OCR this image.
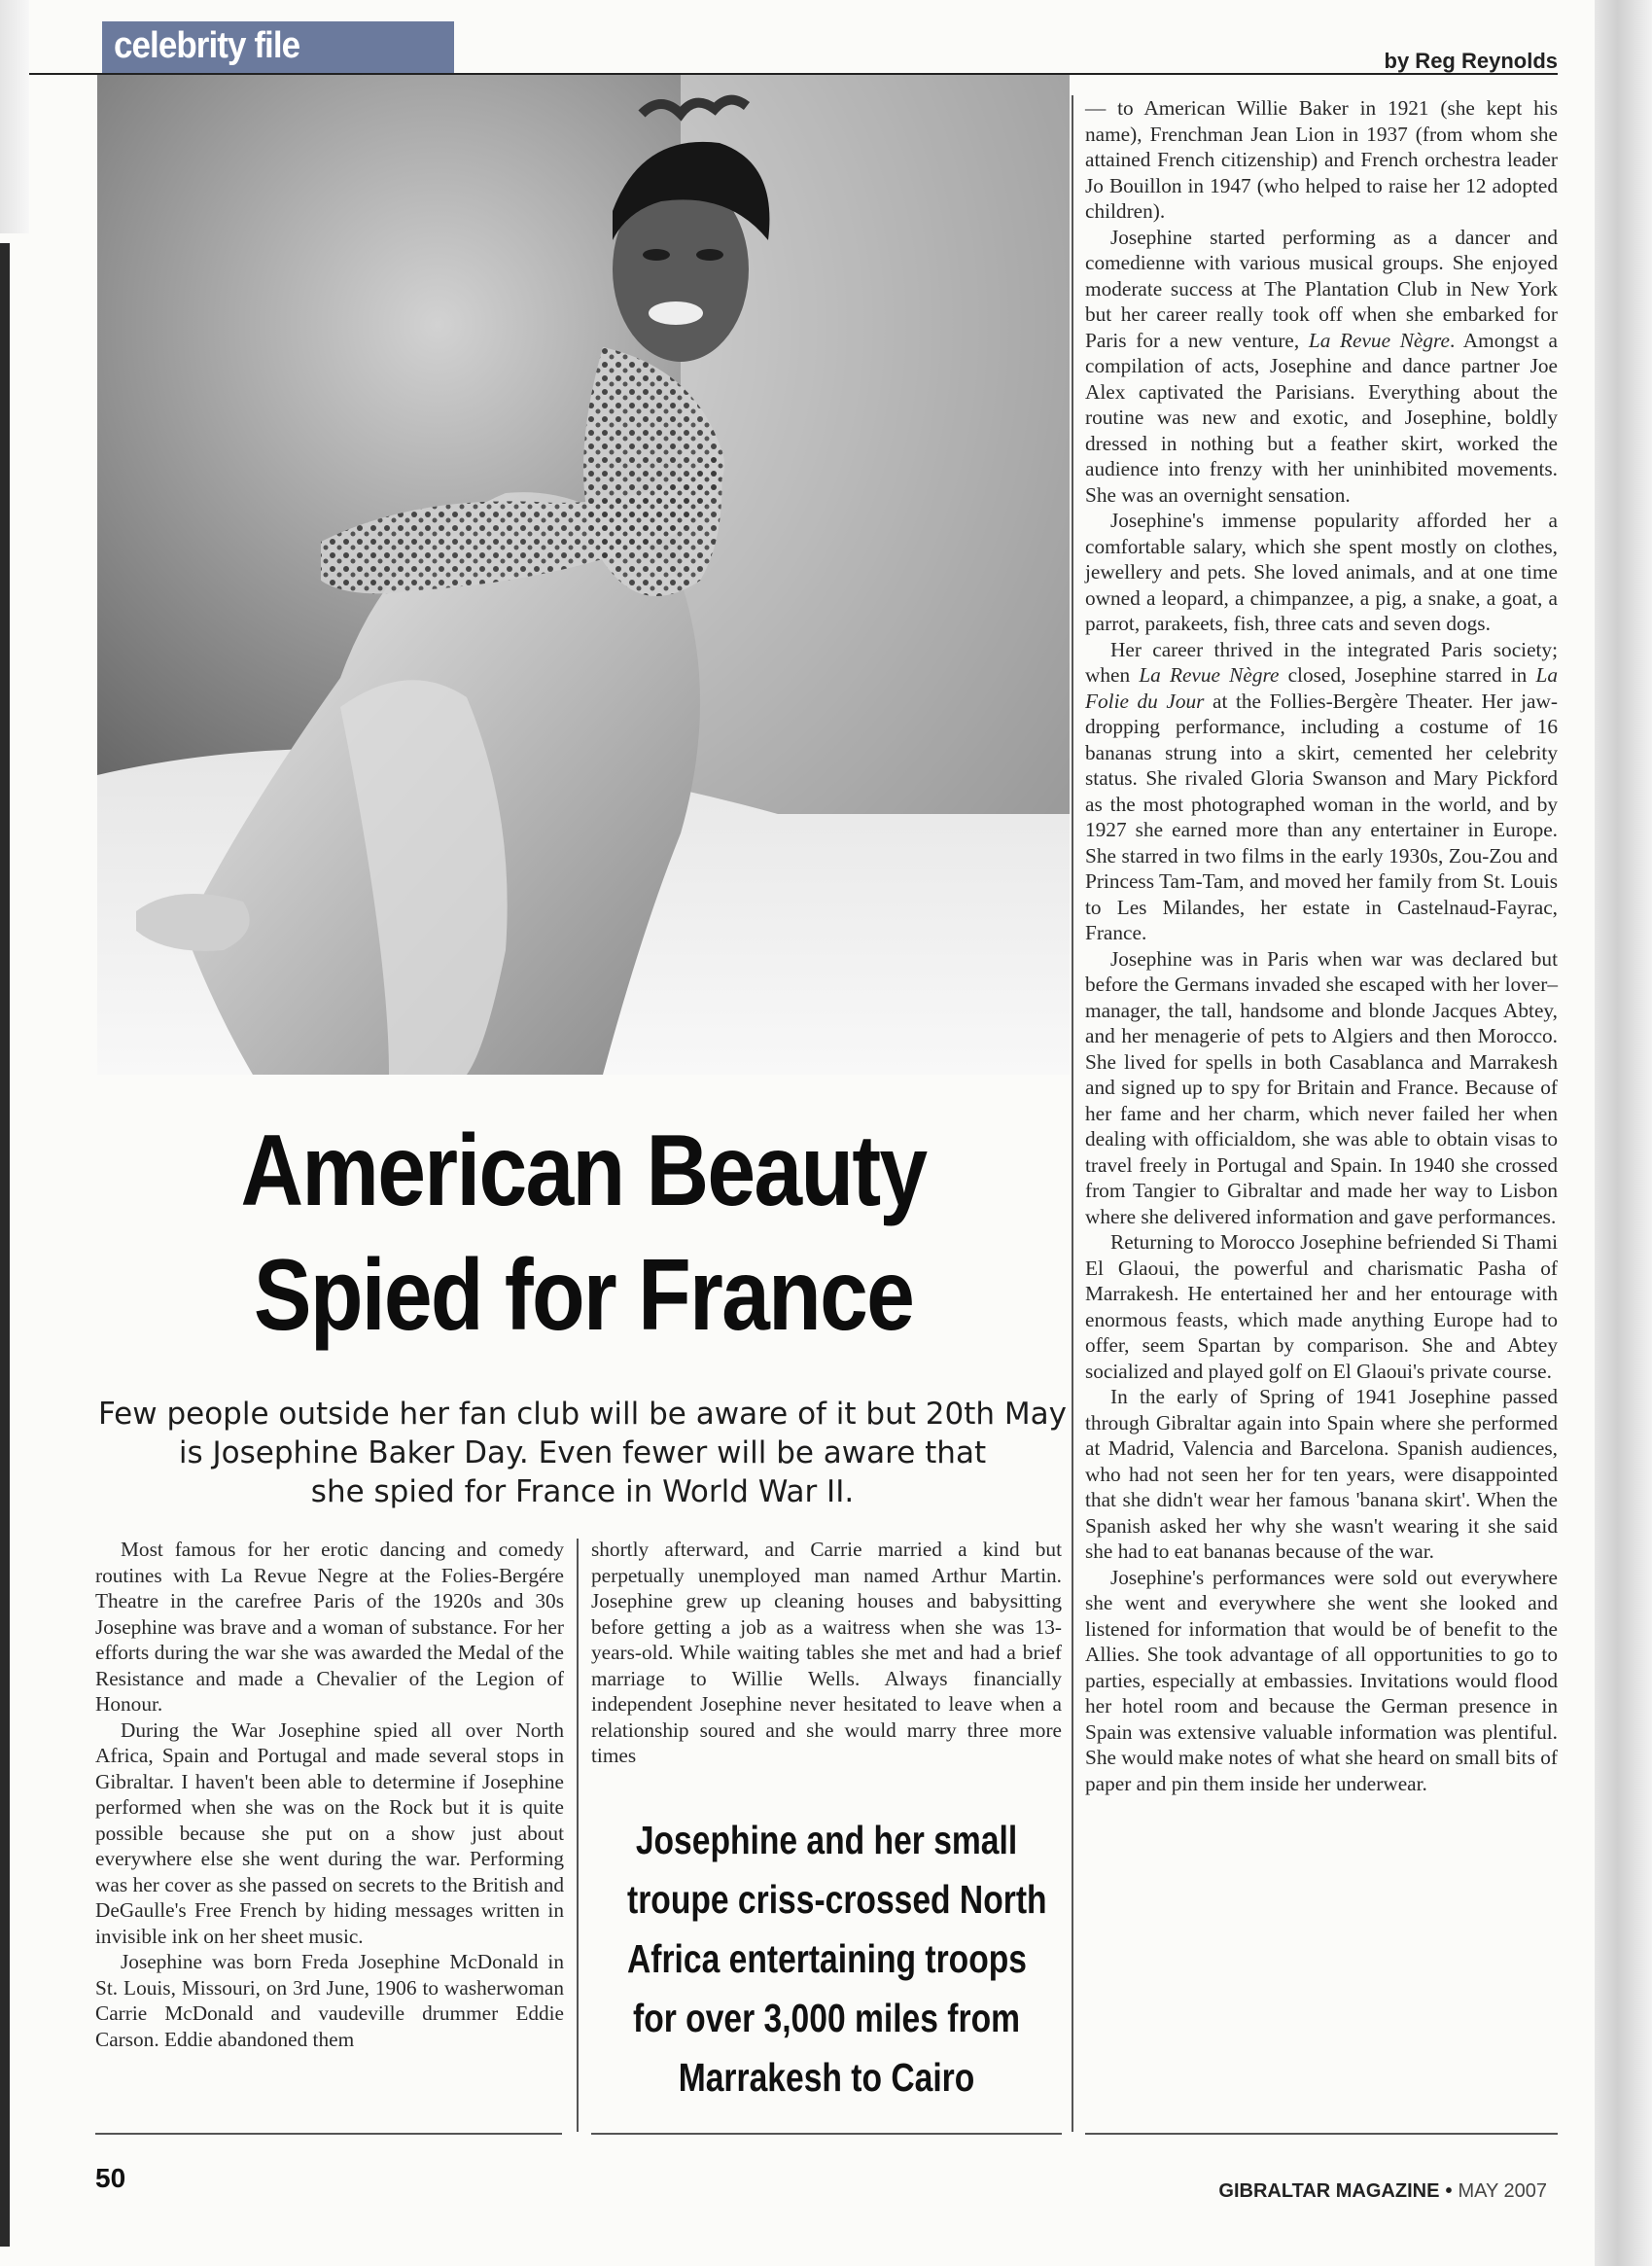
celebrity file	by Reg Reynolds
American Beauty
Spied for France
Few people outside her fan club will be aware of it but 20th May
is Josephine Baker Day. Even fewer will be aware that
she spied for France in World War II.

Most famous for her erotic dancing and comedy routines with La Revue Negre at the Folies-Bergére Theatre in the carefree Paris of the 1920s and 30s Josephine was brave and a woman of substance. For her efforts during the war she was awarded the Medal of the Resistance and made a Chevalier of the Legion of Honour.

During the War Josephine spied all over North Africa, Spain and Portugal and made several stops in Gibraltar. I haven't been able to determine if Josephine performed when she was on the Rock but it is quite possible because she put on a show just about everywhere else she went during the war. Performing was her cover as she passed on secrets to the British and DeGaulle's Free French by hiding messages written in invisible ink on her sheet music.

Josephine was born Freda Josephine McDonald in St. Louis, Missouri, on 3rd June, 1906 to washerwoman Carrie McDonald and vaudeville drummer Eddie Carson. Eddie abandoned them

shortly afterward, and Carrie married a kind but perpetually unemployed man named Arthur Martin. Josephine grew up cleaning houses and babysitting before getting a job as a waitress when she was 13-years-old. While waiting tables she met and had a brief marriage to Willie Wells. Always financially independent Josephine never hesitated to leave when a relationship soured and she would marry three more times

Josephine and her small
troupe criss-crossed North
Africa entertaining troops
for over 3,000 miles from
Marrakesh to Cairo

— to American Willie Baker in 1921 (she kept his name), Frenchman Jean Lion in 1937 (from whom she attained French citizenship) and French orchestra leader Jo Bouillon in 1947 (who helped to raise her 12 adopted children).

Josephine started performing as a dancer and comedienne with various musical groups. She enjoyed moderate success at The Plantation Club in New York but her career really took off when she embarked for Paris for a new venture, La Revue Nègre. Amongst a compilation of acts, Josephine and dance partner Joe Alex captivated the Parisians. Everything about the routine was new and exotic, and Josephine, boldly dressed in nothing but a feather skirt, worked the audience into frenzy with her uninhibited movements. She was an overnight sensation.

Josephine's immense popularity afforded her a comfortable salary, which she spent mostly on clothes, jewellery and pets. She loved animals, and at one time owned a leopard, a chimpanzee, a pig, a snake, a goat, a parrot, parakeets, fish, three cats and seven dogs.

Her career thrived in the integrated Paris society; when La Revue Nègre closed, Josephine starred in La Folie du Jour at the Follies-Bergère Theater. Her jaw-dropping performance, including a costume of 16 bananas strung into a skirt, cemented her celebrity status. She rivaled Gloria Swanson and Mary Pickford as the most photographed woman in the world, and by 1927 she earned more than any entertainer in Europe. She starred in two films in the early 1930s, Zou-Zou and Princess Tam-Tam, and moved her family from St. Louis to Les Milandes, her estate in Castelnaud-Fayrac, France.

Josephine was in Paris when war was declared but before the Germans invaded she escaped with her lover–manager, the tall, handsome and blonde Jacques Abtey, and her menagerie of pets to Algiers and then Morocco. She lived for spells in both Casablanca and Marrakesh and signed up to spy for Britain and France. Because of her fame and her charm, which never failed her when dealing with officialdom, she was able to obtain visas to travel freely in Portugal and Spain. In 1940 she crossed from Tangier to Gibraltar and made her way to Lisbon where she delivered information and gave performances.

Returning to Morocco Josephine befriended Si Thami El Glaoui, the powerful and charismatic Pasha of Marrakesh. He entertained her and her entourage with enormous feasts, which made anything Europe had to offer, seem Spartan by comparison. She and Abtey socialized and played golf on El Glaoui's private course.

In the early of Spring of 1941 Josephine passed through Gibraltar again into Spain where she performed at Madrid, Valencia and Barcelona. Spanish audiences, who had not seen her for ten years, were disappointed that she didn't wear her famous 'banana skirt'. When the Spanish asked her why she wasn't wearing it she said she had to eat bananas because of the war.

Josephine's performances were sold out everywhere she went and everywhere she went she looked and listened for information that would be of benefit to the Allies. She took advantage of all opportunities to go to parties, especially at embassies. Invitations would flood her hotel room and because the German presence in Spain was extensive valuable information was plentiful. She would make notes of what she heard on small bits of paper and pin them inside her underwear.

50	GIBRALTAR MAGAZINE • MAY 2007
